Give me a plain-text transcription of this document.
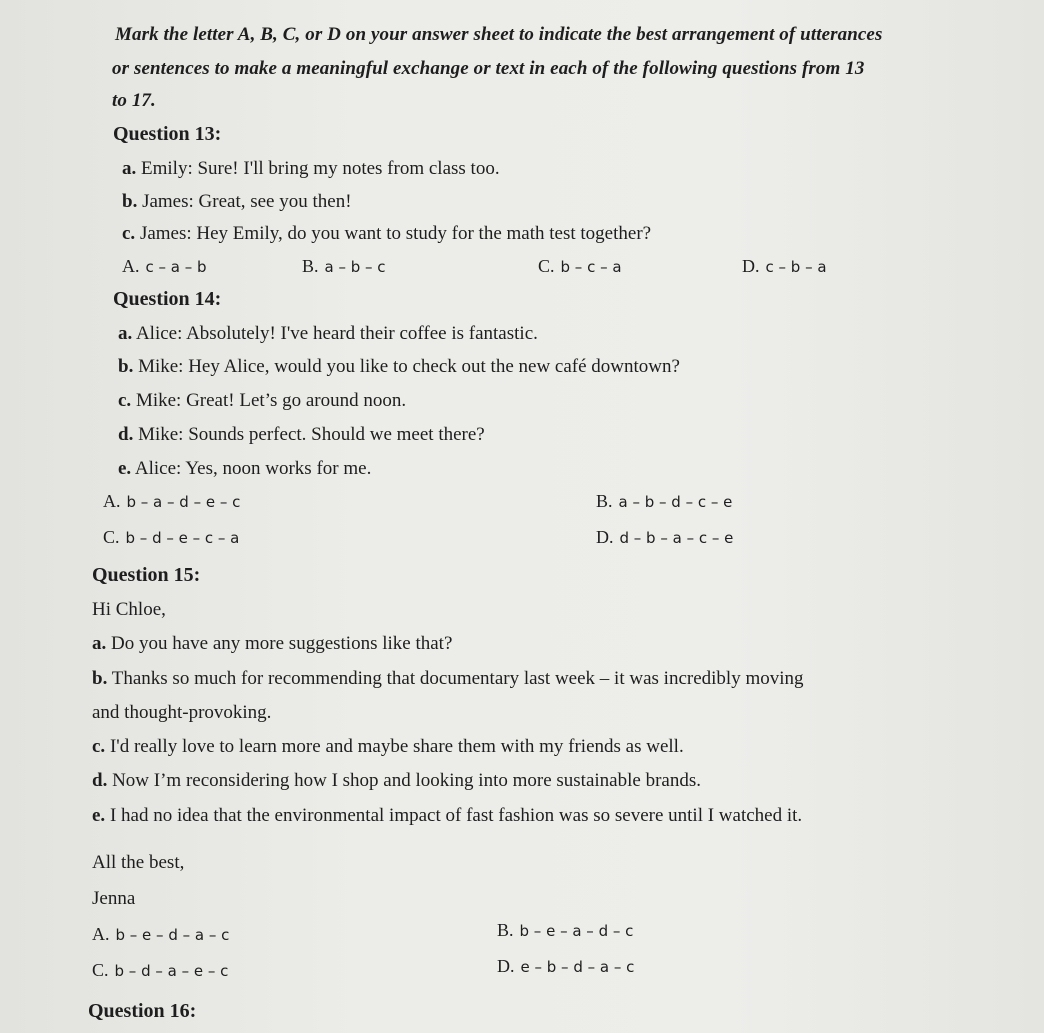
Mark the letter A, B, C, or D on your answer sheet to indicate the best arrangement of utterances
or sentences to make a meaningful exchange or text in each of the following questions from 13
to 17.
Question 13:
a. Emily: Sure! I'll bring my notes from class too.
b. James: Great, see you then!
c. James: Hey Emily, do you want to study for the math test together?
A. c – a – b	B. a – b – c	C. b – c – a	D. c – b – a
Question 14:
a. Alice: Absolutely! I've heard their coffee is fantastic.
b. Mike: Hey Alice, would you like to check out the new café downtown?
c. Mike: Great! Let’s go around noon.
d. Mike: Sounds perfect. Should we meet there?
e. Alice: Yes, noon works for me.
A. b – a – d – e – c	B. a – b – d – c – e
C. b – d – e – c – a	D. d – b – a – c – e
Question 15:
Hi Chloe,
a. Do you have any more suggestions like that?
b. Thanks so much for recommending that documentary last week – it was incredibly moving
and thought-provoking.
c. I'd really love to learn more and maybe share them with my friends as well.
d. Now I’m reconsidering how I shop and looking into more sustainable brands.
e. I had no idea that the environmental impact of fast fashion was so severe until I watched it.
All the best,
Jenna
A. b – e – d – a – c	B. b – e – a – d – c
C. b – d – a – e – c	D. e – b – d – a – c
Question 16:
